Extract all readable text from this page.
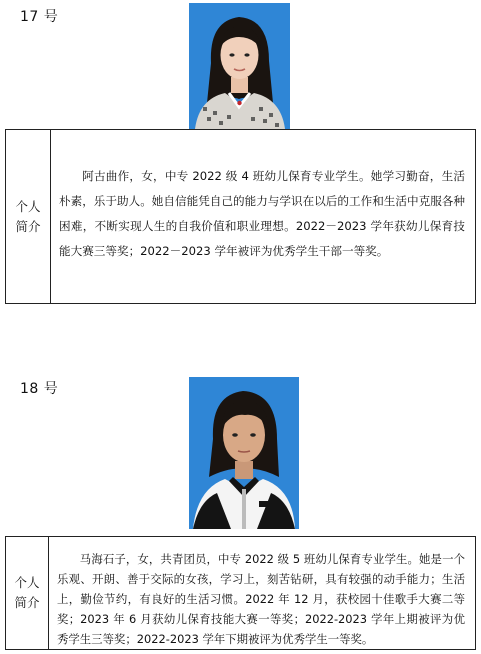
17 号
个人
简介

阿古曲作，女，中专 2022 级 4 班幼儿保育专业学生。她学习勤奋，生活朴素，乐于助人。她自信能凭自己的能力与学识在以后的工作和生活中克服各种困难，不断实现人生的自我价值和职业理想。2022－2023 学年获幼儿保育技能大赛三等奖；2022－2023 学年被评为优秀学生干部一等奖。

18 号
个人
简介

马海石子，女，共青团员，中专 2022 级 5 班幼儿保育专业学生。她是一个乐观、开朗、善于交际的女孩，学习上，刻苦钻研，具有较强的动手能力；生活上，勤俭节约，有良好的生活习惯。2022 年 12 月，获校园十佳歌手大赛二等奖；2023 年 6 月获幼儿保育技能大赛一等奖；2022-2023 学年上期被评为优秀学生三等奖；2022-2023 学年下期被评为优秀学生一等奖。
